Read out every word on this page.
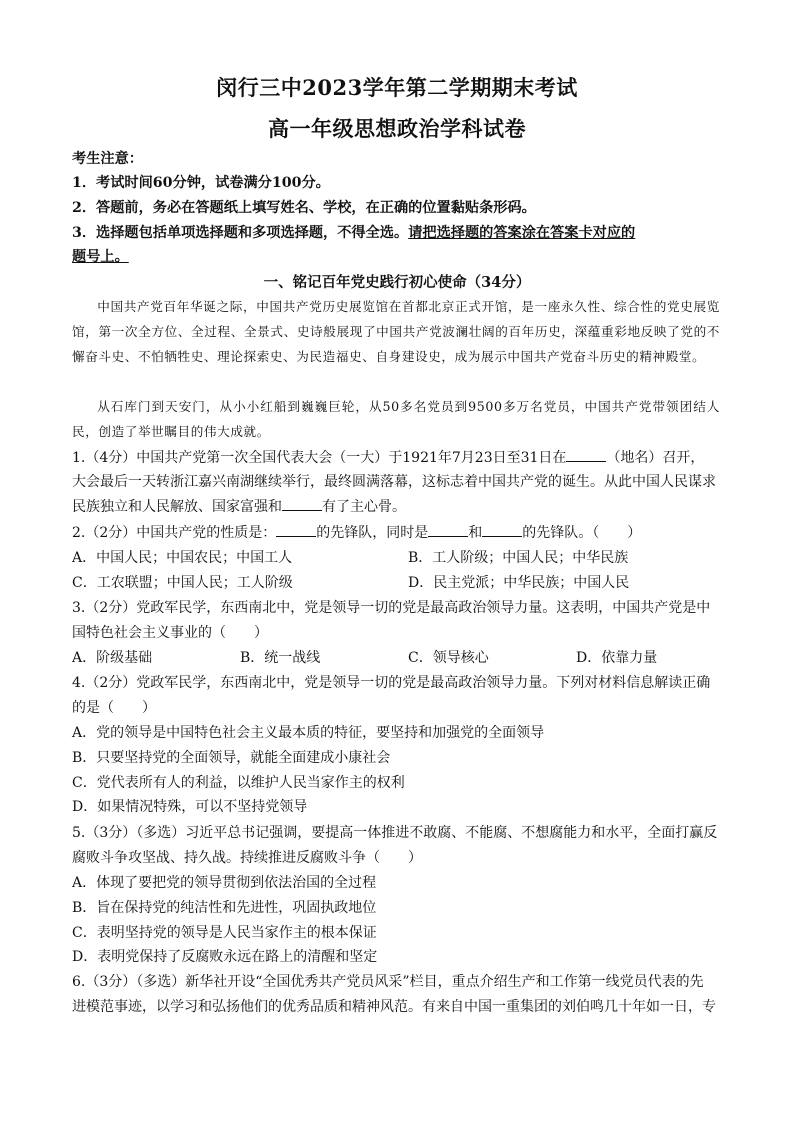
闵行三中2023学年第二学期期末考试
高一年级思想政治学科试卷
考生注意：
1．考试时间60分钟，试卷满分100分。
2．答题前，务必在答题纸上填写姓名、学校，在正确的位置黏贴条形码。
3．选择题包括单项选择题和多项选择题，不得全选。请把选择题的答案涂在答案卡对应的
题号上。
一、铭记百年党史践行初心使命（34分）
中国共产党百年华诞之际，中国共产党历史展览馆在首都北京正式开馆，是一座永久性、综合性的党史展览馆，第一次全方位、全过程、全景式、史诗般展现了中国共产党波澜壮阔的百年历史，深蕴重彩地反映了党的不懈奋斗史、不怕牺牲史、理论探索史、为民造福史、自身建设史，成为展示中国共产党奋斗历史的精神殿堂。
从石库门到天安门，从小小红船到巍巍巨轮，从50多名党员到9500多万名党员，中国共产党带领团结人民，创造了举世瞩目的伟大成就。
1.（4分）中国共产党第一次全国代表大会（一大）于1921年7月23日至31日在	（地名）召开，
大会最后一天转浙江嘉兴南湖继续举行，最终圆满落幕，这标志着中国共产党的诞生。从此中国人民谋求
民族独立和人民解放、国家富强和	有了主心骨。
2.（2分）中国共产党的性质是：	的先锋队，同时是	和	的先锋队。（　　）
A．中国人民；中国农民；中国工人	B．工人阶级；中国人民；中华民族
C．工农联盟；中国人民；工人阶级	D．民主党派；中华民族；中国人民
3.（2分）党政军民学，东西南北中，党是领导一切的党是最高政治领导力量。这表明，中国共产党是中
国特色社会主义事业的（　　）
A．阶级基础	B．统一战线	C．领导核心	D．依靠力量
4.（2分）党政军民学，东西南北中，党是领导一切的党是最高政治领导力量。下列对材料信息解读正确
的是（　　）
A．党的领导是中国特色社会主义最本质的特征，要坚持和加强党的全面领导
B．只要坚持党的全面领导，就能全面建成小康社会
C．党代表所有人的利益，以维护人民当家作主的权利
D．如果情况特殊，可以不坚持党领导
5.（3分）（多选）习近平总书记强调，要提高一体推进不敢腐、不能腐、不想腐能力和水平，全面打赢反
腐败斗争攻坚战、持久战。持续推进反腐败斗争（　　）
A．体现了要把党的领导贯彻到依法治国的全过程
B．旨在保持党的纯洁性和先进性，巩固执政地位
C．表明坚持党的领导是人民当家作主的根本保证
D．表明党保持了反腐败永远在路上的清醒和坚定
6.（3分）（多选）新华社开设“全国优秀共产党员风采”栏目，重点介绍生产和工作第一线党员代表的先
进模范事迹，以学习和弘扬他们的优秀品质和精神风范。有来自中国一重集团的刘伯鸣几十年如一日，专
